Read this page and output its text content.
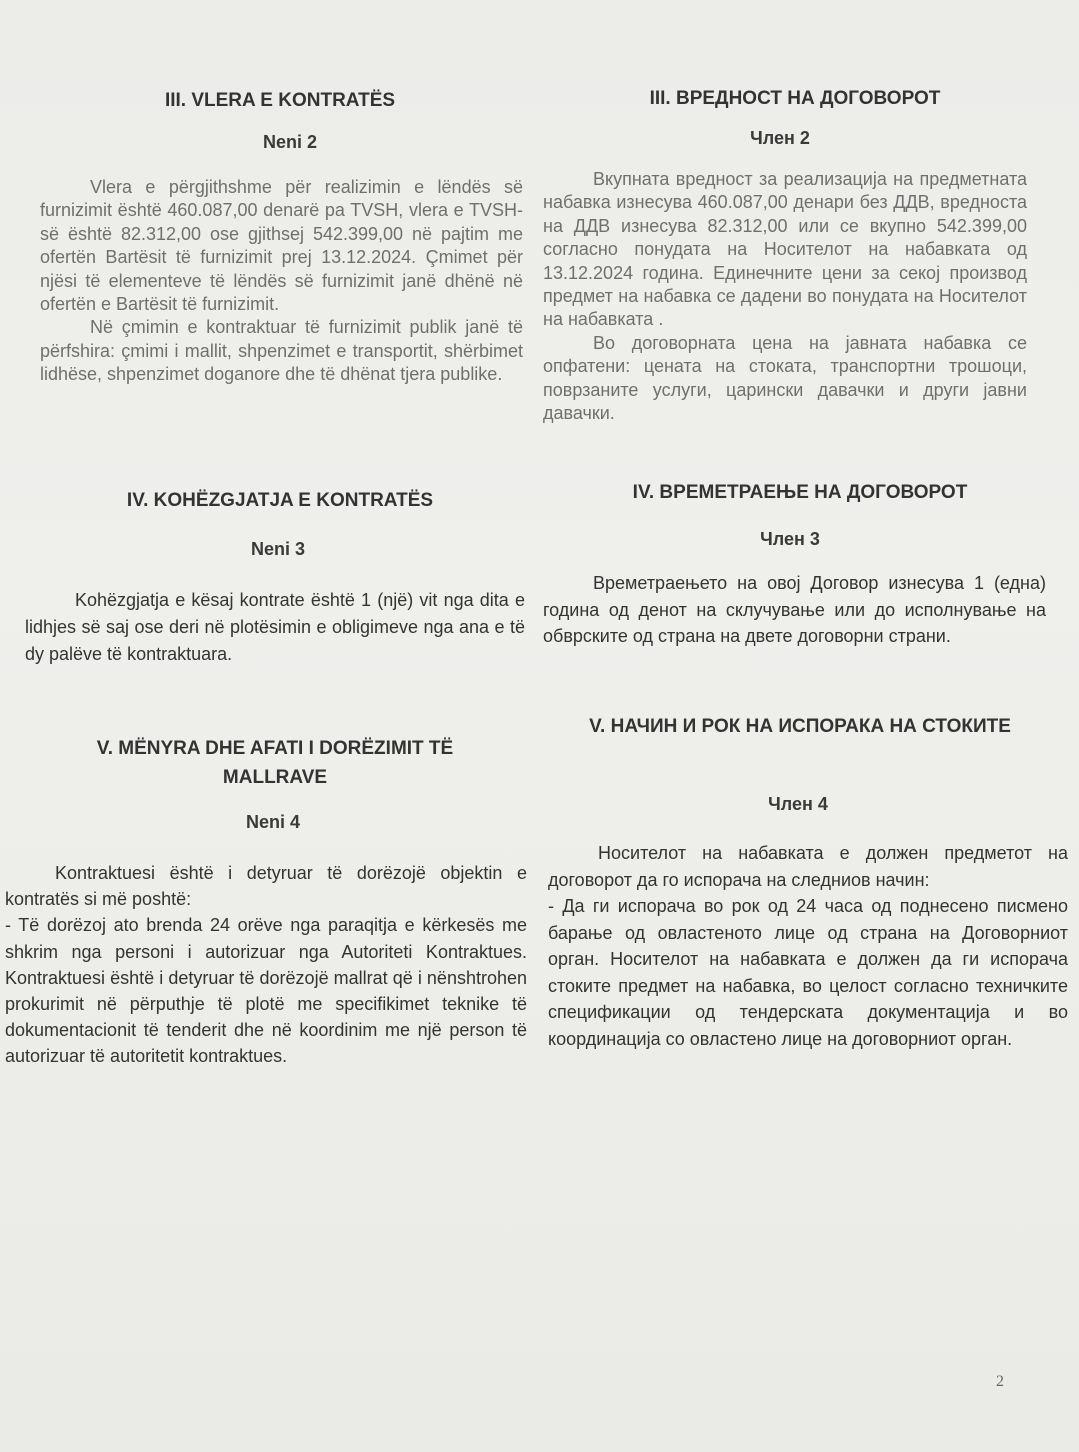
III. VLERA E KONTRATËS
Neni 2

Vlera e përgjithshme për realizimin e lëndës së furnizimit është 460.087,00 denarë pa TVSH, vlera e TVSH-së është 82.312,00 ose gjithsej 542.399,00 në pajtim me ofertën Bartësit të furnizimit prej 13.12.2024. Çmimet për njësi të elementeve të lëndës së furnizimit janë dhënë në ofertën e Bartësit të furnizimit.

Në çmimin e kontraktuar të furnizimit publik janë të përfshira: çmimi i mallit, shpenzimet e transportit, shërbimet lidhëse, shpenzimet doganore dhe të dhënat tjera publike.

IV. KOHËZGJATJA E KONTRATËS
Neni 3

Kohëzgjatja e kësaj kontrate është 1 (një) vit nga dita e lidhjes së saj ose deri në plotësimin e obligimeve nga ana e të dy palëve të kontraktuara.

V. MËNYRA DHE AFATI I DORËZIMIT TË MALLRAVE
Neni 4

Kontraktuesi është i detyruar të dorëzojë objektin e kontratës si më poshtë:

- Të dorëzoj ato brenda 24 orëve nga paraqitja e kërkesës me shkrim nga personi i autorizuar nga Autoriteti Kontraktues. Kontraktuesi është i detyruar të dorëzojë mallrat që i nënshtrohen prokurimit në përputhje të plotë me specifikimet teknike të dokumentacionit të tenderit dhe në koordinim me një person të autorizuar të autoritetit kontraktues.

III. ВРЕДНОСТ НА ДОГОВОРОТ
Член 2

Вкупната вредност за реализација на предметната набавка изнесува 460.087,00 денари без ДДВ, вредноста на ДДВ изнесува 82.312,00 или се вкупно 542.399,00 согласно понудата на Носителот на набавката од 13.12.2024 година. Единечните цени за секој производ предмет на набавка се дадени во понудата на Носителот на набавката .

Во договорната цена на јавната набавка се опфатени: цената на стоката, транспортни трошоци, поврзаните услуги, царински давачки и други јавни давачки.

IV. ВРЕМЕТРАЕЊЕ НА ДОГОВОРОТ
Член 3

Времетраењето на овој Договор изнесува 1 (една) година од денот на склучување или до исполнување на обврските од страна на двете договорни страни.

V. НАЧИН И РОК НА ИСПОРАКА НА СТОКИТЕ
Член 4

Носителот на набавката е должен предметот на договорот да го испорача на следниов начин:

- Да ги испорача во рок од 24 часа од поднесено писмено барање од овластеното лице од страна на Договорниот орган. Носителот на набавката е должен да ги испорача стоките предмет на набавка, во целост согласно техничките спецификации од тендерската документација и во координација со овластено лице на договорниот орган.

2
